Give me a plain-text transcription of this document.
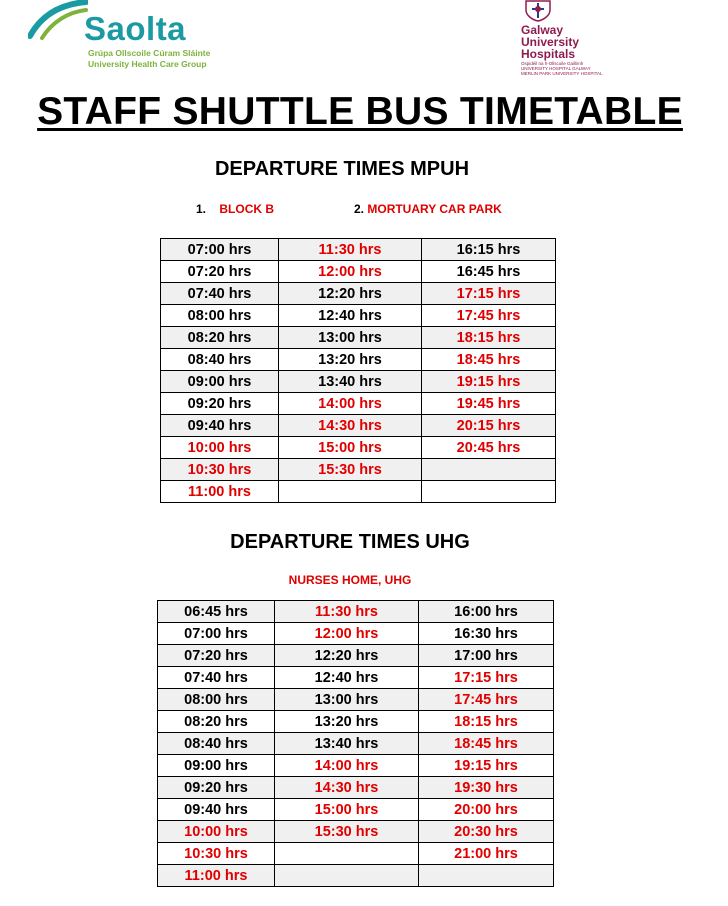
Saolta
Grúpa Ollscoile Cúram Sláinte
University Health Care Group
Galway
University
Hospitals
Ospidéil na h-Ollscoile Gaillimh
UNIVERSITY HOSPITAL GALWAY
MERLIN PARK UNIVERSITY HOSPITAL
STAFF SHUTTLE BUS TIMETABLE
DEPARTURE TIMES MPUH
1. BLOCK B	2. MORTUARY CAR PARK
07:00 hrs	11:30 hrs	16:15 hrs
07:20 hrs	12:00 hrs	16:45 hrs
07:40 hrs	12:20 hrs	17:15 hrs
08:00 hrs	12:40 hrs	17:45 hrs
08:20 hrs	13:00 hrs	18:15 hrs
08:40 hrs	13:20 hrs	18:45 hrs
09:00 hrs	13:40 hrs	19:15 hrs
09:20 hrs	14:00 hrs	19:45 hrs
09:40 hrs	14:30 hrs	20:15 hrs
10:00 hrs	15:00 hrs	20:45 hrs
10:30 hrs	15:30 hrs	
11:00 hrs		
DEPARTURE TIMES UHG
NURSES HOME, UHG
06:45 hrs	11:30 hrs	16:00 hrs
07:00 hrs	12:00 hrs	16:30 hrs
07:20 hrs	12:20 hrs	17:00 hrs
07:40 hrs	12:40 hrs	17:15 hrs
08:00 hrs	13:00 hrs	17:45 hrs
08:20 hrs	13:20 hrs	18:15 hrs
08:40 hrs	13:40 hrs	18:45 hrs
09:00 hrs	14:00 hrs	19:15 hrs
09:20 hrs	14:30 hrs	19:30 hrs
09:40 hrs	15:00 hrs	20:00 hrs
10:00 hrs	15:30 hrs	20:30 hrs
10:30 hrs		21:00 hrs
11:00 hrs		
